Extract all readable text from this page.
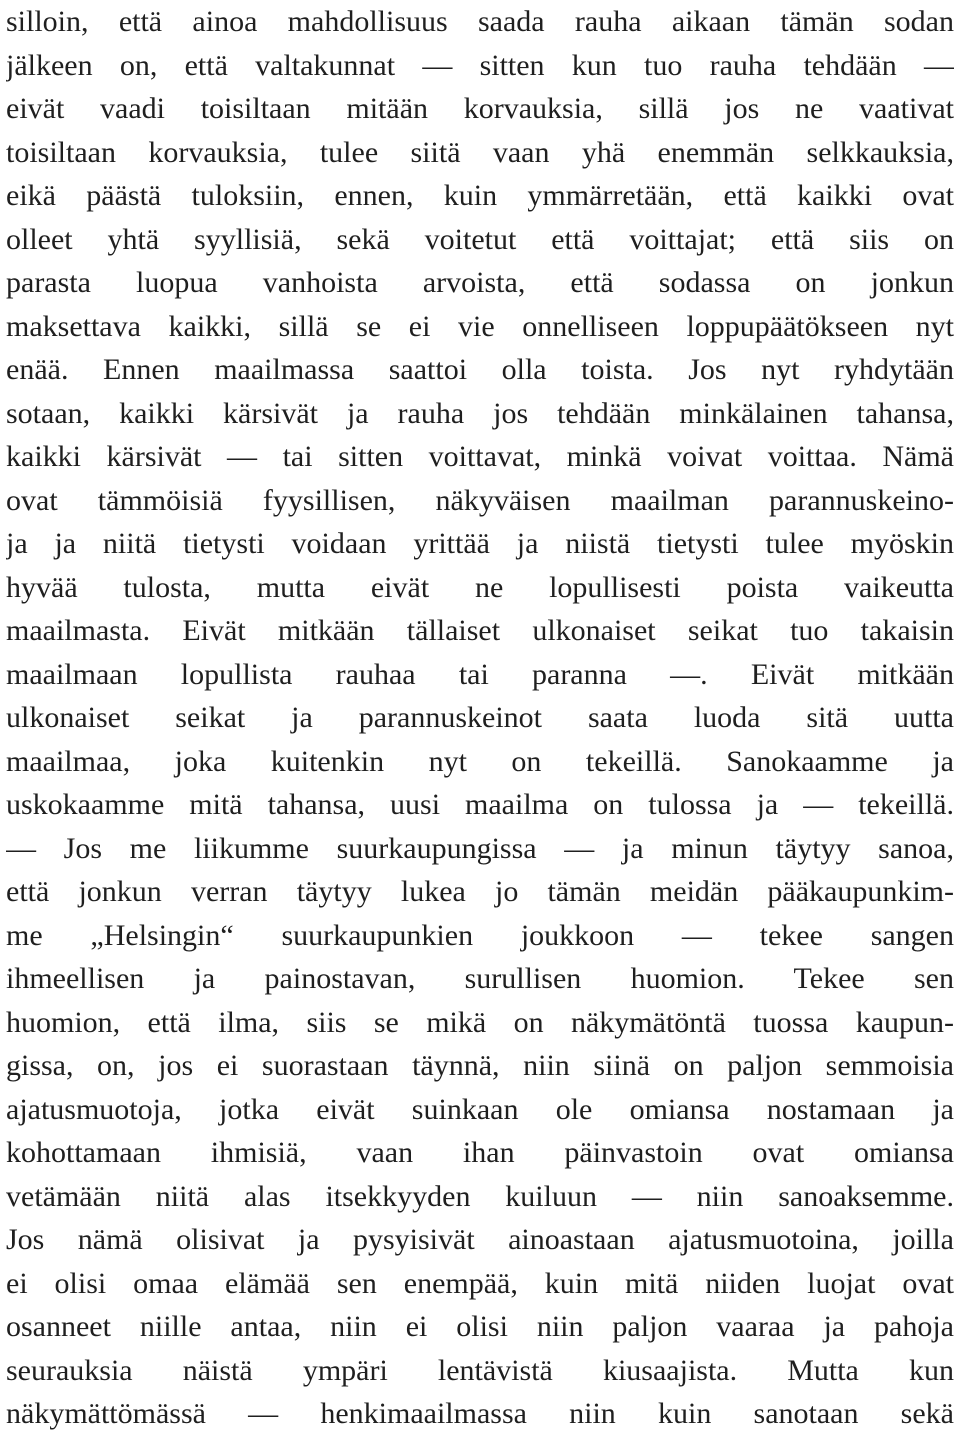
silloin, että ainoa mahdollisuus saada rauha aikaan tämän sodan
jälkeen on, että valtakunnat — sitten kun tuo rauha tehdään —
eivät vaadi toisiltaan mitään korvauksia, sillä jos ne vaativat
toisiltaan korvauksia, tulee siitä vaan yhä enemmän selkkauksia,
eikä päästä tuloksiin, ennen, kuin ymmärretään, että kaikki ovat
olleet yhtä syyllisiä, sekä voitetut että voittajat; että siis on
parasta luopua vanhoista arvoista, että sodassa on jonkun
maksettava kaikki, sillä se ei vie onnelliseen loppupäätökseen nyt
enää. Ennen maailmassa saattoi olla toista. Jos nyt ryhdytään
sotaan, kaikki kärsivät ja rauha jos tehdään minkälainen tahansa,
kaikki kärsivät — tai sitten voittavat, minkä voivat voittaa. Nämä
ovat tämmöisiä fyysillisen, näkyväisen maailman parannuskeino-
ja ja niitä tietysti voidaan yrittää ja niistä tietysti tulee myöskin
hyvää tulosta, mutta eivät ne lopullisesti poista vaikeutta
maailmasta. Eivät mitkään tällaiset ulkonaiset seikat tuo takaisin
maailmaan lopullista rauhaa tai paranna —. Eivät mitkään
ulkonaiset seikat ja parannuskeinot saata luoda sitä uutta
maailmaa, joka kuitenkin nyt on tekeillä. Sanokaamme ja
uskokaamme mitä tahansa, uusi maailma on tulossa ja — tekeillä.
— Jos me liikumme suurkaupungissa — ja minun täytyy sanoa,
että jonkun verran täytyy lukea jo tämän meidän pääkaupunkim-
me „Helsingin“ suurkaupunkien joukkoon — tekee sangen
ihmeellisen ja painostavan, surullisen huomion. Tekee sen
huomion, että ilma, siis se mikä on näkymätöntä tuossa kaupun-
gissa, on, jos ei suorastaan täynnä, niin siinä on paljon semmoisia
ajatusmuotoja, jotka eivät suinkaan ole omiansa nostamaan ja
kohottamaan ihmisiä, vaan ihan päinvastoin ovat omiansa
vetämään niitä alas itsekkyyden kuiluun — niin sanoaksemme.
Jos nämä olisivat ja pysyisivät ainoastaan ajatusmuotoina, joilla
ei olisi omaa elämää sen enempää, kuin mitä niiden luojat ovat
osanneet niille antaa, niin ei olisi niin paljon vaaraa ja pahoja
seurauksia näistä ympäri lentävistä kiusaajista. Mutta kun
näkymättömässä — henkimaailmassa niin kuin sanotaan sekä
